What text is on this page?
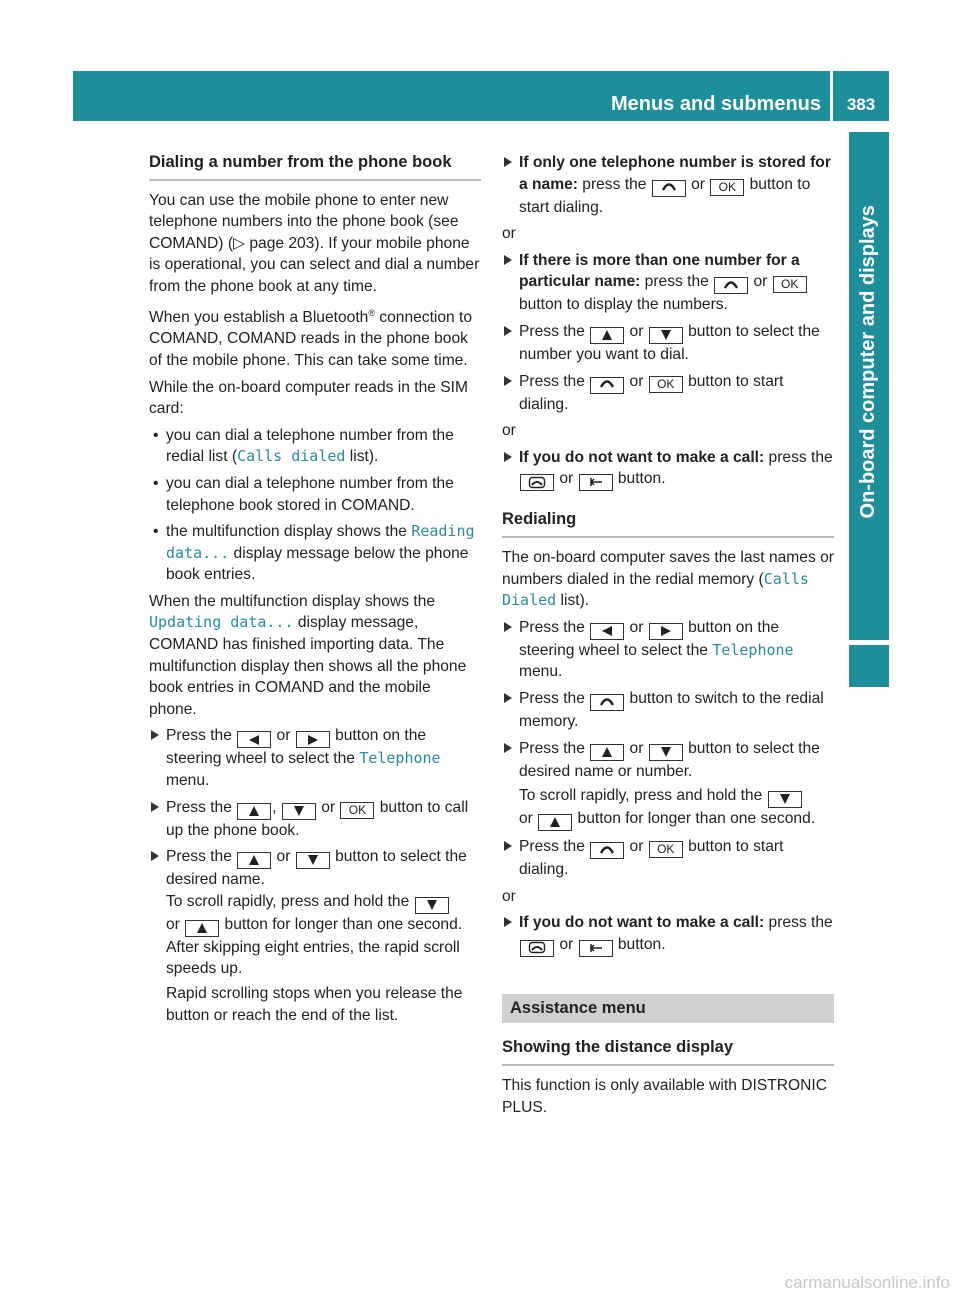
Menus and submenus	383
On-board computer and displays
Dialing a number from the phone book

You can use the mobile phone to enter new telephone numbers into the phone book (see COMAND) (▷ page 203). If your mobile phone is operational, you can select and dial a number from the phone book at any time.

When you establish a Bluetooth® connection to COMAND, COMAND reads in the phone book of the mobile phone. This can take some time.

While the on-board computer reads in the SIM card:

• you can dial a telephone number from the redial list (Calls dialed list).
• you can dial a telephone number from the telephone book stored in COMAND.
• the multifunction display shows the Reading data... display message below the phone book entries.

When the multifunction display shows the Updating data... display message, COMAND has finished importing data. The multifunction display then shows all the phone book entries in COMAND and the mobile phone.

Press the  or  button on the steering wheel to select the Telephone menu.
Press the ,  or OK button to call up the phone book.
Press the  or  button to select the desired name.
To scroll rapidly, press and hold the
or  button for longer than one second. After skipping eight entries, the rapid scroll speeds up.
Rapid scrolling stops when you release the button or reach the end of the list.
If only one telephone number is stored for a name: press the  or OK button to start dialing.

or

If there is more than one number for a particular name: press the  or OK button to display the numbers.
Press the  or  button to select the number you want to dial.
Press the  or OK button to start dialing.

or

If you do not want to make a call: press the  or  button.
Redialing

The on-board computer saves the last names or numbers dialed in the redial memory (Calls Dialed list).

Press the  or  button on the steering wheel to select the Telephone menu.
Press the  button to switch to the redial memory.
Press the  or  button to select the desired name or number.
To scroll rapidly, press and hold the
or  button for longer than one second.
Press the  or OK button to start dialing.

or

If you do not want to make a call: press the  or  button.
Assistance menu
Showing the distance display

This function is only available with DISTRONIC PLUS.

carmanualsonline.info
